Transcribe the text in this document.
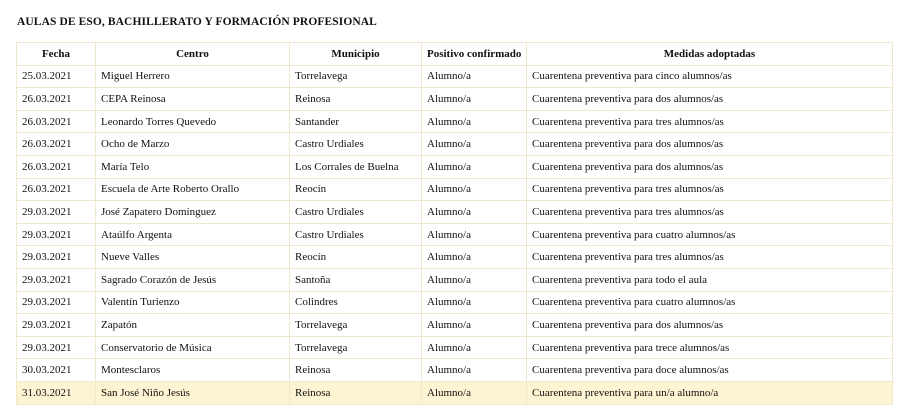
AULAS DE ESO, BACHILLERATO Y FORMACIÓN PROFESIONAL
Fecha	Centro	Municipio	Positivo confirmado	Medidas adoptadas
25.03.2021	Miguel Herrero	Torrelavega	Alumno/a	Cuarentena preventiva para cinco alumnos/as
26.03.2021	CEPA Reinosa	Reinosa	Alumno/a	Cuarentena preventiva para dos alumnos/as
26.03.2021	Leonardo Torres Quevedo	Santander	Alumno/a	Cuarentena preventiva para tres alumnos/as
26.03.2021	Ocho de Marzo	Castro Urdiales	Alumno/a	Cuarentena preventiva para dos alumnos/as
26.03.2021	María Telo	Los Corrales de Buelna	Alumno/a	Cuarentena preventiva para dos alumnos/as
26.03.2021	Escuela de Arte Roberto Orallo	Reocín	Alumno/a	Cuarentena preventiva para tres alumnos/as
29.03.2021	José Zapatero Domínguez	Castro Urdiales	Alumno/a	Cuarentena preventiva para tres alumnos/as
29.03.2021	Ataúlfo Argenta	Castro Urdiales	Alumno/a	Cuarentena preventiva para cuatro alumnos/as
29.03.2021	Nueve Valles	Reocín	Alumno/a	Cuarentena preventiva para tres alumnos/as
29.03.2021	Sagrado Corazón de Jesús	Santoña	Alumno/a	Cuarentena preventiva para todo el aula
29.03.2021	Valentín Turienzo	Colindres	Alumno/a	Cuarentena preventiva para cuatro alumnos/as
29.03.2021	Zapatón	Torrelavega	Alumno/a	Cuarentena preventiva para dos alumnos/as
29.03.2021	Conservatorio de Música	Torrelavega	Alumno/a	Cuarentena preventiva para trece alumnos/as
30.03.2021	Montesclaros	Reinosa	Alumno/a	Cuarentena preventiva para doce alumnos/as
31.03.2021	San José Niño Jesús	Reinosa	Alumno/a	Cuarentena preventiva para un/a alumno/a
